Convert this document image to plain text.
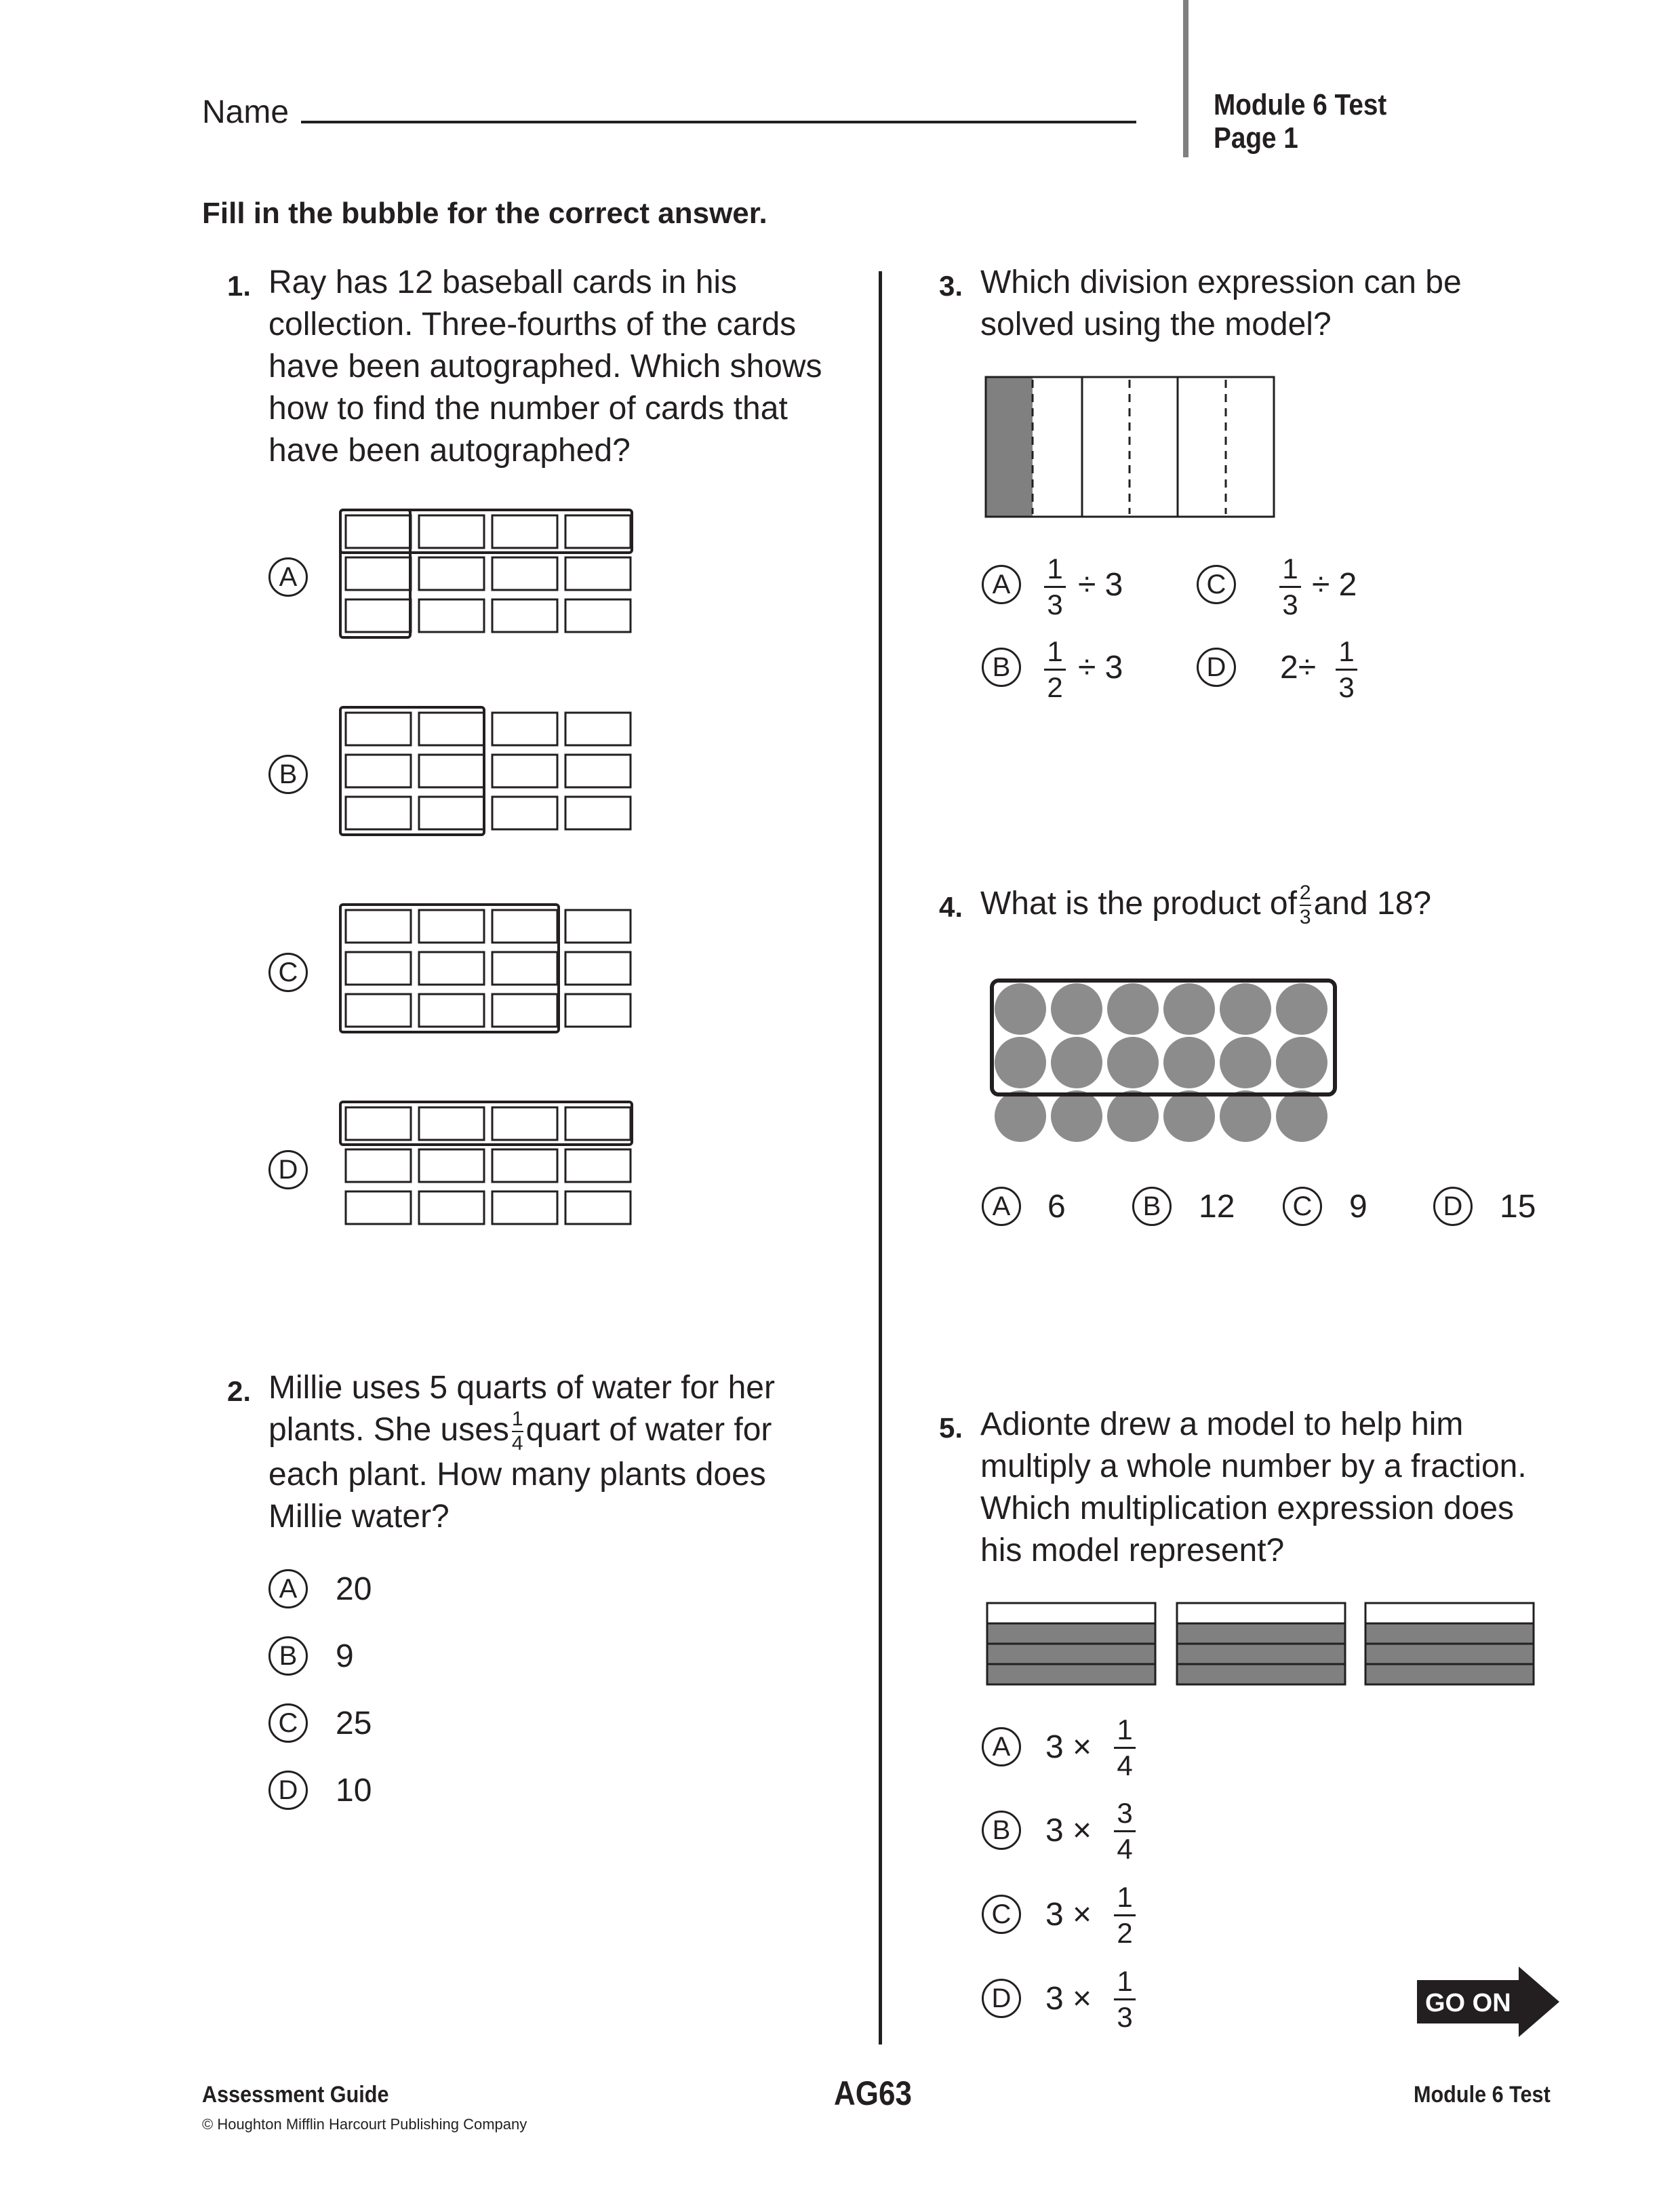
Name	Module 6 Test
Page 1
Fill in the bubble for the correct answer.
1. Ray has 12 baseball cards in his
collection. Three-fourths of the cards
have been autographed. Which shows
how to find the number of cards that
have been autographed?
A
B
C
D
2. Millie uses 5 quarts of water for her
plants. She uses $\frac{1}{4}quart$ of water for
each plant. How many plants does
Millie water?
A	20
B	9
C	25
D	10
3. Which division expression can be
solved using the model?
A	1
3
÷ 3
B	1
2
÷ 3
C	1
3
÷ 2
D	2÷ 1
3
4. What is the product of $\frac{2}{3}and$ 18?
A	6	B	12	C	9	D	15
5. Adionte drew a model to help him
multiply a whole number by a fraction.
Which multiplication expression does
his model represent?
A	3 × 1
4
B	3 × 3
4
C	3 × 1
2
D	3 × 1
3	GO ON
Assessment Guide
© Houghton Mifflin Harcourt Publishing Company
AG63	Module 6 Test
